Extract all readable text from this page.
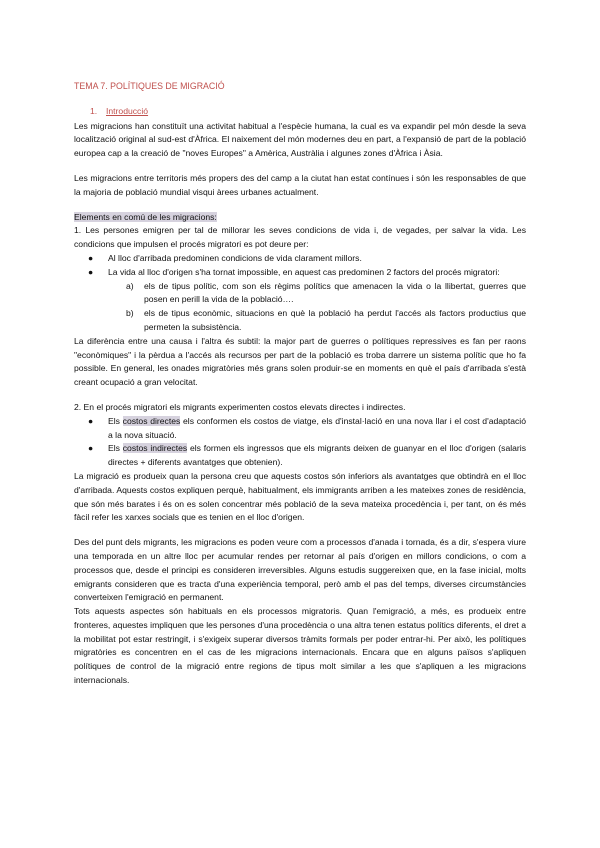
TEMA 7. POLÍTIQUES DE MIGRACIÓ

1. Introducció

Les migracions han constituït una activitat habitual a l'espècie humana, la cual es va expandir pel món desde la seva localització original al sud-est d'Àfrica. El naixement del món modernes deu en part, a l'expansió de part de la població europea cap a la creació de "noves Europes" a Amèrica, Austràlia i algunes zones d'Àfrica i Àsia.

Les migracions entre territoris més propers des del camp a la ciutat han estat contínues i són les responsables de que la majoria de població mundial visqui àrees urbanes actualment.

Elements en comú de les migracions:

1. Les persones emigren per tal de millorar les seves condicions de vida i, de vegades, per salvar la vida. Les condicions que impulsen el procés migratori es pot deure per:

● Al lloc d'arribada predominen condicions de vida clarament millors.

● La vida al lloc d'origen s'ha tornat impossible, en aquest cas predominen 2 factors del procés migratori:

a) els de tipus polític, com son els règims polítics que amenacen la vida o la llibertat, guerres que posen en perill la vida de la població….

b) els de tipus econòmic, situacions en què la població ha perdut l'accés als factors productius que permeten la subsistència.

La diferència entre una causa i l'altra és subtil: la major part de guerres o polítiques repressives es fan per raons "econòmiques" i la pèrdua a l'accés als recursos per part de la població es troba darrere un sistema polític que ho fa possible. En general, les onades migratòries més grans solen produir-se en moments en què el país d'arribada s'està creant ocupació a gran velocitat.

2. En el procés migratori els migrants experimenten costos elevats directes i indirectes.

● Els costos directes els conformen els costos de viatge, els d'instal·lació en una nova llar i el cost d'adaptació a la nova situació.

● Els costos indirectes els formen els ingressos que els migrants deixen de guanyar en el lloc d'origen (salaris directes + diferents avantatges que obtenien).

La migració es produeix quan la persona creu que aquests costos són inferiors als avantatges que obtindrà en el lloc d'arribada. Aquests costos expliquen perquè, habitualment, els immigrants arriben a les mateixes zones de residència, que són més barates i és on es solen concentrar més població de la seva mateixa procedència i, per tant, on és més fàcil refer les xarxes socials que es tenien en el lloc d'origen.

Des del punt dels migrants, les migracions es poden veure com a processos d'anada i tornada, és a dir, s'espera viure una temporada en un altre lloc per acumular rendes per retornar al país d'origen en millors condicions, o com a processos que, desde el principi es consideren irreversibles. Alguns estudis suggereixen que, en la fase inicial, molts emigrants consideren que es tracta d'una experiència temporal, però amb el pas del temps, diverses circumstàncies converteixen l'emigració en permanent.

Tots aquests aspectes són habituals en els processos migratoris. Quan l'emigració, a més, es produeix entre fronteres, aquestes impliquen que les persones d'una procedència o una altra tenen estatus polítics diferents, el dret a la mobilitat pot estar restringit, i s'exigeix superar diversos tràmits formals per poder entrar-hi. Per això, les polítiques migratòries es concentren en el cas de les migracions internacionals. Encara que en alguns països s'apliquen polítiques de control de la migració entre regions de tipus molt similar a les que s'apliquen a les migracions internacionals.
